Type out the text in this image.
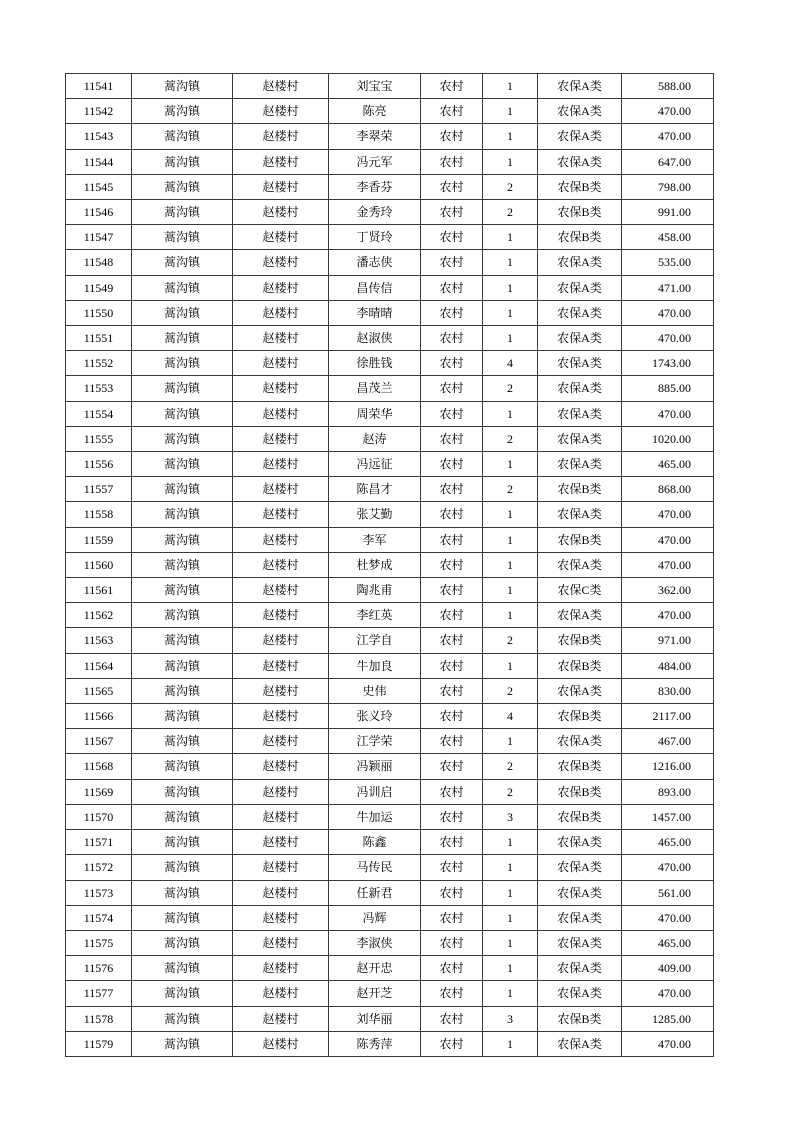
11541	蒿沟镇	赵楼村	刘宝宝	农村	1	农保A类	588.00
11542	蒿沟镇	赵楼村	陈亮	农村	1	农保A类	470.00
11543	蒿沟镇	赵楼村	李翠荣	农村	1	农保A类	470.00
11544	蒿沟镇	赵楼村	冯元军	农村	1	农保A类	647.00
11545	蒿沟镇	赵楼村	李香芬	农村	2	农保B类	798.00
11546	蒿沟镇	赵楼村	金秀玲	农村	2	农保B类	991.00
11547	蒿沟镇	赵楼村	丁贤玲	农村	1	农保B类	458.00
11548	蒿沟镇	赵楼村	潘志侠	农村	1	农保A类	535.00
11549	蒿沟镇	赵楼村	昌传信	农村	1	农保A类	471.00
11550	蒿沟镇	赵楼村	李晴晴	农村	1	农保A类	470.00
11551	蒿沟镇	赵楼村	赵淑侠	农村	1	农保A类	470.00
11552	蒿沟镇	赵楼村	徐胜钱	农村	4	农保A类	1743.00
11553	蒿沟镇	赵楼村	昌茂兰	农村	2	农保A类	885.00
11554	蒿沟镇	赵楼村	周荣华	农村	1	农保A类	470.00
11555	蒿沟镇	赵楼村	赵涛	农村	2	农保A类	1020.00
11556	蒿沟镇	赵楼村	冯远征	农村	1	农保A类	465.00
11557	蒿沟镇	赵楼村	陈昌才	农村	2	农保B类	868.00
11558	蒿沟镇	赵楼村	张艾勤	农村	1	农保A类	470.00
11559	蒿沟镇	赵楼村	李军	农村	1	农保B类	470.00
11560	蒿沟镇	赵楼村	杜梦成	农村	1	农保A类	470.00
11561	蒿沟镇	赵楼村	陶兆甫	农村	1	农保C类	362.00
11562	蒿沟镇	赵楼村	李红英	农村	1	农保A类	470.00
11563	蒿沟镇	赵楼村	江学自	农村	2	农保B类	971.00
11564	蒿沟镇	赵楼村	牛加良	农村	1	农保B类	484.00
11565	蒿沟镇	赵楼村	史伟	农村	2	农保A类	830.00
11566	蒿沟镇	赵楼村	张义玲	农村	4	农保B类	2117.00
11567	蒿沟镇	赵楼村	江学荣	农村	1	农保A类	467.00
11568	蒿沟镇	赵楼村	冯颖丽	农村	2	农保B类	1216.00
11569	蒿沟镇	赵楼村	冯训启	农村	2	农保B类	893.00
11570	蒿沟镇	赵楼村	牛加运	农村	3	农保B类	1457.00
11571	蒿沟镇	赵楼村	陈鑫	农村	1	农保A类	465.00
11572	蒿沟镇	赵楼村	马传民	农村	1	农保A类	470.00
11573	蒿沟镇	赵楼村	任新君	农村	1	农保A类	561.00
11574	蒿沟镇	赵楼村	冯辉	农村	1	农保A类	470.00
11575	蒿沟镇	赵楼村	李淑侠	农村	1	农保A类	465.00
11576	蒿沟镇	赵楼村	赵开忠	农村	1	农保A类	409.00
11577	蒿沟镇	赵楼村	赵开芝	农村	1	农保A类	470.00
11578	蒿沟镇	赵楼村	刘华丽	农村	3	农保B类	1285.00
11579	蒿沟镇	赵楼村	陈秀萍	农村	1	农保A类	470.00
